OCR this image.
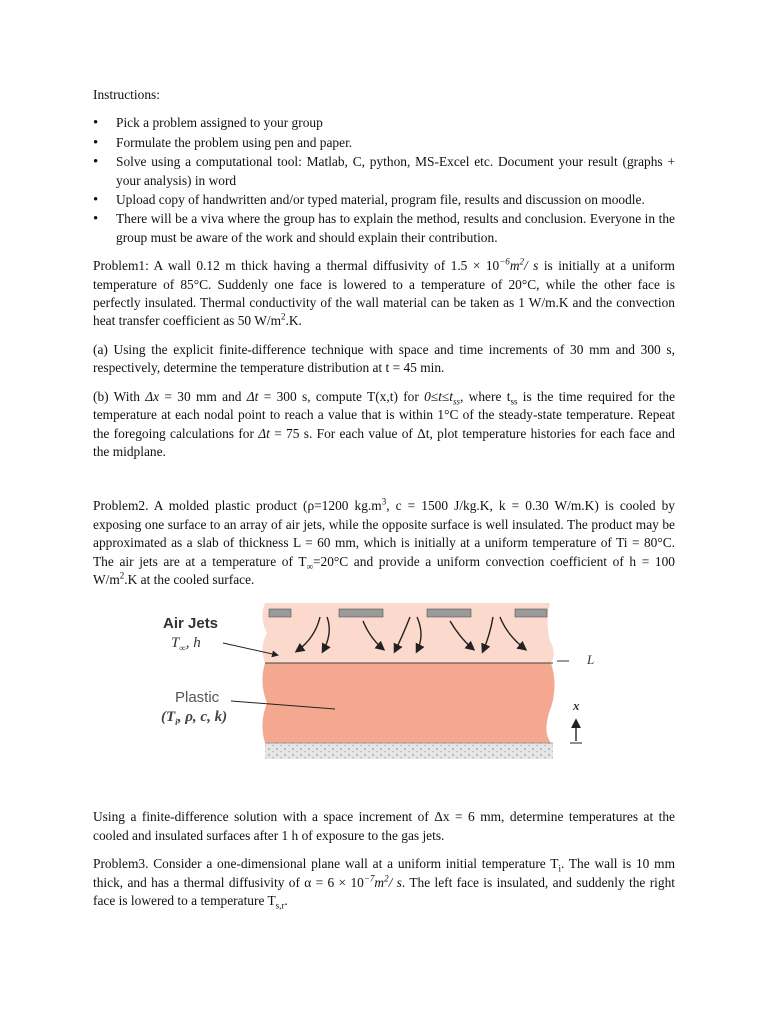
Instructions:
• Pick a problem assigned to your group
• Formulate the problem using pen and paper.
• Solve using a computational tool: Matlab, C, python, MS-Excel etc. Document your result (graphs + your analysis) in word
• Upload copy of handwritten and/or typed material, program file, results and discussion on moodle.
• There will be a viva where the group has to explain the method, results and conclusion. Everyone in the group must be aware of the work and should explain their contribution.

Problem1: A wall 0.12 m thick having a thermal diffusivity of $1.5 \times 10^{-6}m^2/$ s is initially at a uniform temperature of 85°C. Suddenly one face is lowered to a temperature of 20°C, while the other face is perfectly insulated. Thermal conductivity of the wall material can be taken as 1 W/m.K and the convection heat transfer coefficient as 50 $W/m^2.K$.

(a) Using the explicit finite-difference technique with space and time increments of 30 mm and 300 s, respectively, determine the temperature distribution at t = 45 min.

(b) With Δx = 30 mm and Δt = 300 s, compute T(x,t) for $0\le t\le t_{ss}$, where $t_{ss}$ is the time required for the temperature at each nodal point to reach a value that is within 1°C of the steady-state temperature. Repeat the foregoing calculations for Δt = 75 s. For each value of Δt, plot temperature histories for each face and the midplane.

Problem2. A molded plastic product (ρ=1200 $kg.m^3$, c = 1500 J/kg.K, k = 0.30 W/m.K) is cooled by exposing one surface to an array of air jets, while the opposite surface is well insulated. The product may be approximated as a slab of thickness L = 60 mm, which is initially at a uniform temperature of Ti = 80°C. The air jets are at a temperature of $T_\infty=20^\circ C$ and provide a uniform convection coefficient of h = 100 $W/m^2.K$ at the cooled surface.

Air Jets
$T_\infty$, h
Plastic
($T_i$, ρ, c, k)
L
x

Using a finite-difference solution with a space increment of Δx = 6 mm, determine temperatures at the cooled and insulated surfaces after 1 h of exposure to the gas jets.

Problem3. Consider a one-dimensional plane wall at a uniform initial temperature $T_i$. The wall is 10 mm thick, and has a thermal diffusivity of $\alpha = 6 \times 10^{-7}m^2/$ s. The left face is insulated, and suddenly the right face is lowered to a temperature $T_{s,r}$.
